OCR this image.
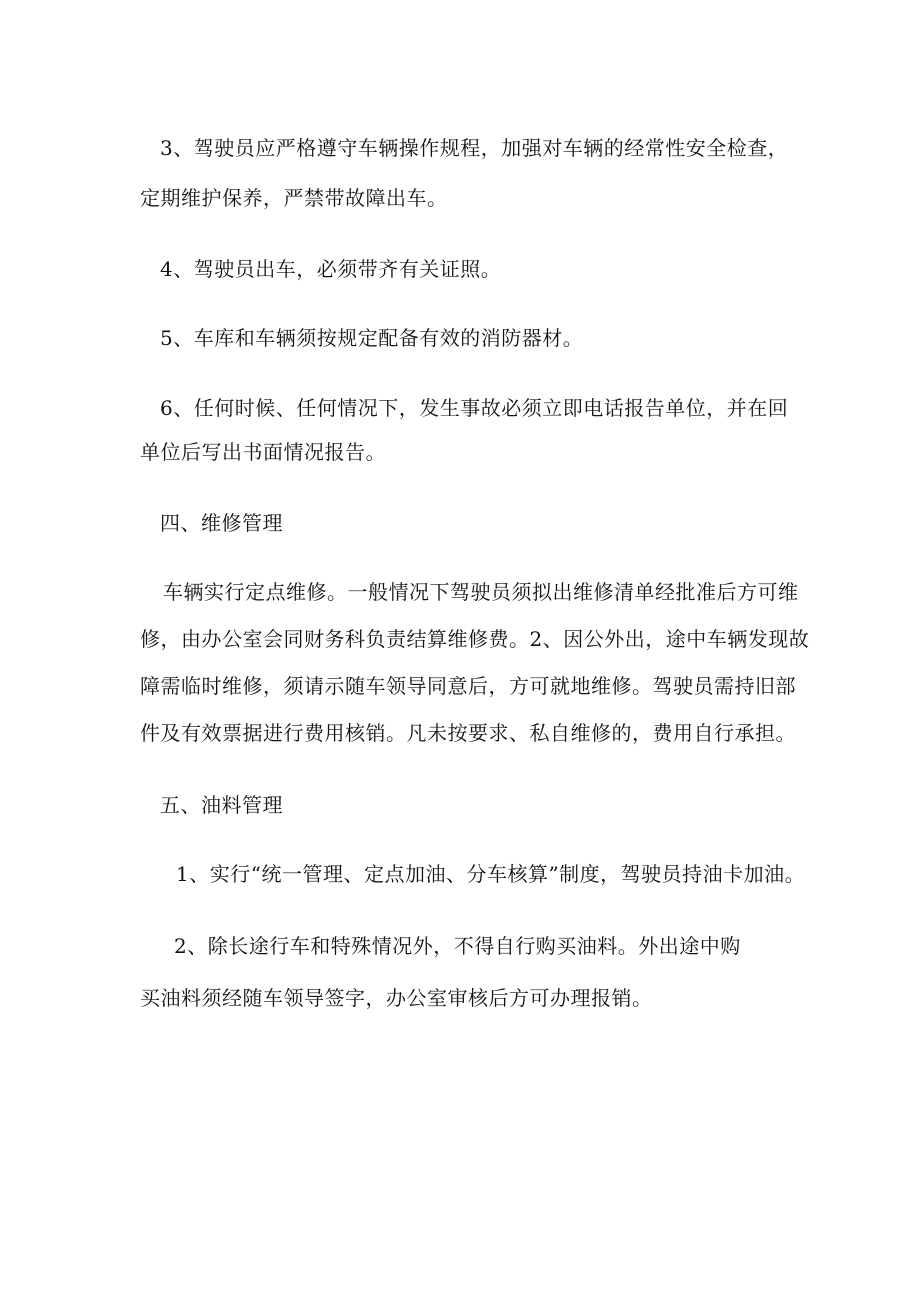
3、驾驶员应严格遵守车辆操作规程，加强对车辆的经常性安全检查，
定期维护保养，严禁带故障出车。
4、驾驶员出车，必须带齐有关证照。
5、车库和车辆须按规定配备有效的消防器材。
6、任何时候、任何情况下，发生事故必须立即电话报告单位，并在回
单位后写出书面情况报告。
四、维修管理
车辆实行定点维修。一般情况下驾驶员须拟出维修清单经批准后方可维
修，由办公室会同财务科负责结算维修费。2、因公外出，途中车辆发现故
障需临时维修，须请示随车领导同意后，方可就地维修。驾驶员需持旧部
件及有效票据进行费用核销。凡未按要求、私自维修的，费用自行承担。
五、油料管理
1、实行“统一管理、定点加油、分车核算”制度，驾驶员持油卡加油。
2、除长途行车和特殊情况外，不得自行购买油料。外出途中购
买油料须经随车领导签字，办公室审核后方可办理报销。
